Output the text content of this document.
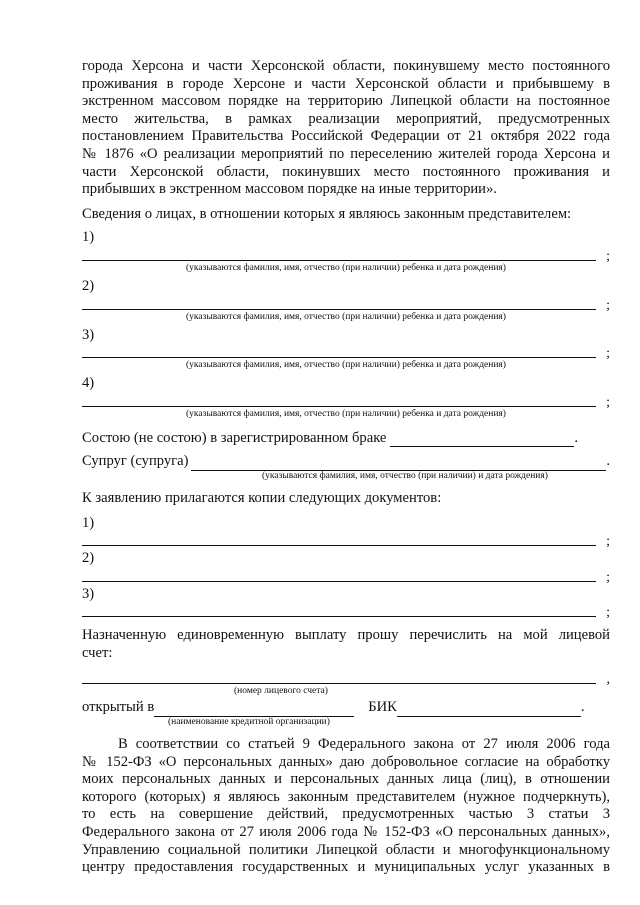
города Херсона и части Херсонской области, покинувшему место постоянного
проживания в городе Херсоне и части Херсонской области и прибывшему в
экстренном массовом порядке на территорию Липецкой области на постоянное
место жительства, в рамках реализации мероприятий, предусмотренных
постановлением Правительства Российской Федерации от 21 октября 2022 года
№ 1876 «О реализации мероприятий по переселению жителей города Херсона и
части Херсонской области, покинувших место постоянного проживания и
прибывших в экстренном массовом порядке на иные территории».
Сведения о лицах, в отношении которых я являюсь законным представителем:
1)
;
(указываются фамилия, имя, отчество (при наличии) ребенка и дата рождения)
2)
;
(указываются фамилия, имя, отчество (при наличии) ребенка и дата рождения)
3)
;
(указываются фамилия, имя, отчество (при наличии) ребенка и дата рождения)
4)
;
(указываются фамилия, имя, отчество (при наличии) ребенка и дата рождения)
Состою (не состою) в зарегистрированном браке	.
Супруг (супруга)	.
(указываются фамилия, имя, отчество (при наличии) и дата рождения)
К заявлению прилагаются копии следующих документов:
1)
;
2)
;
3)
;
Назначенную единовременную выплату прошу перечислить на мой лицевой счет:
,
(номер лицевого счета)
открытый в	БИК	.
(наименование кредитной организации)
В соответствии со статьей 9 Федерального закона от 27 июля 2006 года
№ 152-ФЗ «О персональных данных» даю добровольное согласие на обработку
моих персональных данных и персональных данных лица (лиц), в отношении
которого (которых) я являюсь законным представителем (нужное подчеркнуть),
то есть на совершение действий, предусмотренных частью 3 статьи 3
Федерального закона от 27 июля 2006 года № 152-ФЗ «О персональных данных»,
Управлению социальной политики Липецкой области и многофункциональному
центру предоставления государственных и муниципальных услуг указанных в
